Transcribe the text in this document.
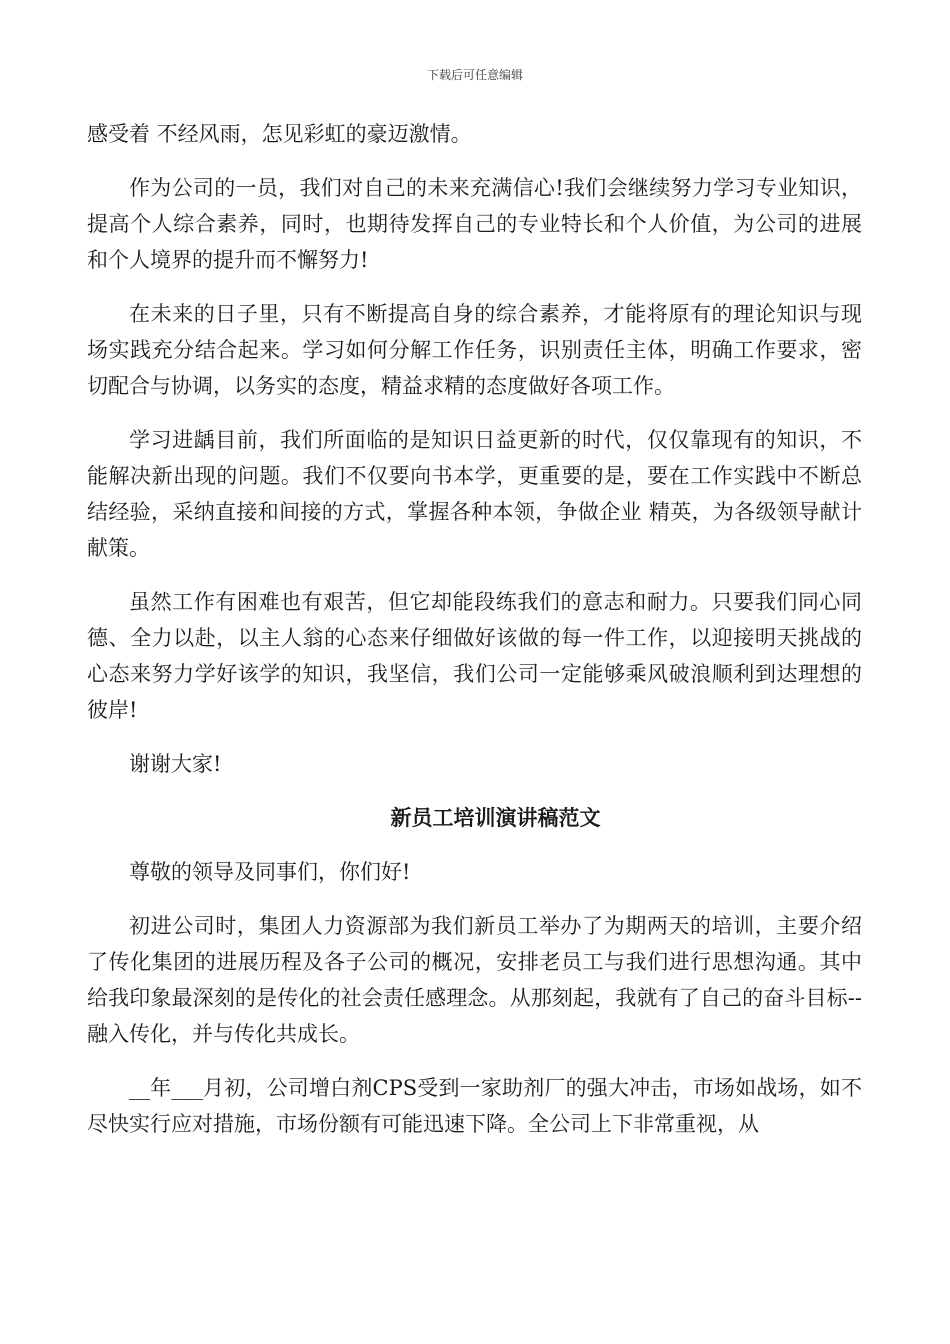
下载后可任意编辑

感受着 不经风雨，怎见彩虹的豪迈激情。

作为公司的一员，我们对自己的未来充满信心!我们会继续努力学习专业知识，提高个人综合素养，同时，也期待发挥自己的专业特长和个人价值，为公司的进展和个人境界的提升而不懈努力!

在未来的日子里，只有不断提高自身的综合素养，才能将原有的理论知识与现场实践充分结合起来。学习如何分解工作任务，识别责任主体，明确工作要求，密切配合与协调，以务实的态度，精益求精的态度做好各项工作。

学习进龋目前，我们所面临的是知识日益更新的时代，仅仅靠现有的知识，不能解决新出现的问题。我们不仅要向书本学，更重要的是，要在工作实践中不断总结经验，采纳直接和间接的方式，掌握各种本领，争做企业 精英，为各级领导献计献策。

虽然工作有困难也有艰苦，但它却能段练我们的意志和耐力。只要我们同心同德、全力以赴，以主人翁的心态来仔细做好该做的每一件工作，以迎接明天挑战的心态来努力学好该学的知识，我坚信，我们公司一定能够乘风破浪顺利到达理想的彼岸!

谢谢大家!

新员工培训演讲稿范文

尊敬的领导及同事们，你们好!

初进公司时，集团人力资源部为我们新员工举办了为期两天的培训，主要介绍了传化集团的进展历程及各子公司的概况，安排老员工与我们进行思想沟通。其中给我印象最深刻的是传化的社会责任感理念。从那刻起，我就有了自己的奋斗目标--融入传化，并与传化共成长。

__年___月初，公司增白剂CPS受到一家助剂厂的强大冲击，市场如战场，如不尽快实行应对措施，市场份额有可能迅速下降。全公司上下非常重视，从
